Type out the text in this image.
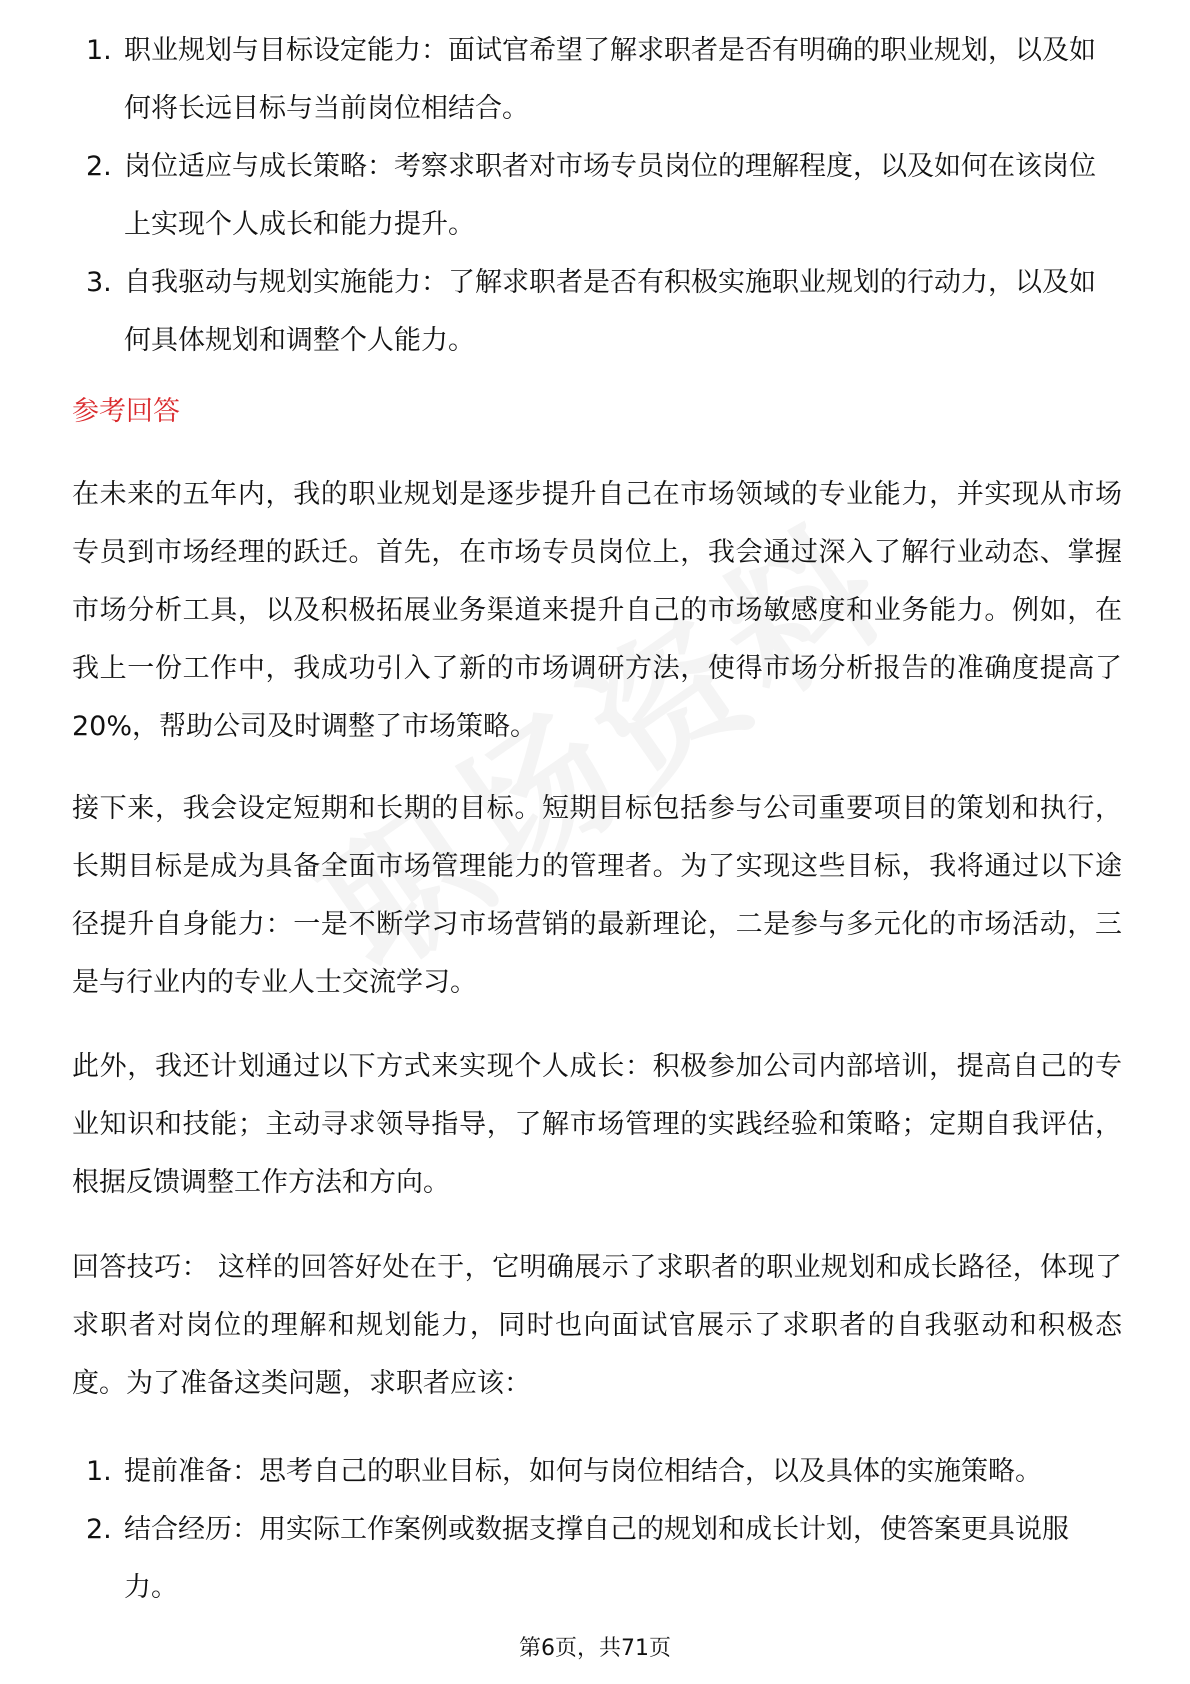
1. 职业规划与目标设定能力：面试官希望了解求职者是否有明确的职业规划，以及如何将长远目标与当前岗位相结合。
2. 岗位适应与成长策略：考察求职者对市场专员岗位的理解程度，以及如何在该岗位上实现个人成长和能力提升。
3. 自我驱动与规划实施能力：了解求职者是否有积极实施职业规划的行动力，以及如何具体规划和调整个人能力。
参考回答

在未来的五年内，我的职业规划是逐步提升自己在市场领域的专业能力，并实现从市场专员到市场经理的跃迁。首先，在市场专员岗位上，我会通过深入了解行业动态、掌握市场分析工具，以及积极拓展业务渠道来提升自己的市场敏感度和业务能力。例如，在我上一份工作中，我成功引入了新的市场调研方法，使得市场分析报告的准确度提高了20%，帮助公司及时调整了市场策略。

接下来，我会设定短期和长期的目标。短期目标包括参与公司重要项目的策划和执行，长期目标是成为具备全面市场管理能力的管理者。为了实现这些目标，我将通过以下途径提升自身能力：一是不断学习市场营销的最新理论，二是参与多元化的市场活动，三是与行业内的专业人士交流学习。

此外，我还计划通过以下方式来实现个人成长：积极参加公司内部培训，提高自己的专业知识和技能；主动寻求领导指导，了解市场管理的实践经验和策略；定期自我评估，根据反馈调整工作方法和方向。

回答技巧： 这样的回答好处在于，它明确展示了求职者的职业规划和成长路径，体现了求职者对岗位的理解和规划能力，同时也向面试官展示了求职者的自我驱动和积极态度。为了准备这类问题，求职者应该：

1. 提前准备：思考自己的职业目标，如何与岗位相结合，以及具体的实施策略。
2. 结合经历：用实际工作案例或数据支撑自己的规划和成长计划，使答案更具说服力。
第6页，共71页
